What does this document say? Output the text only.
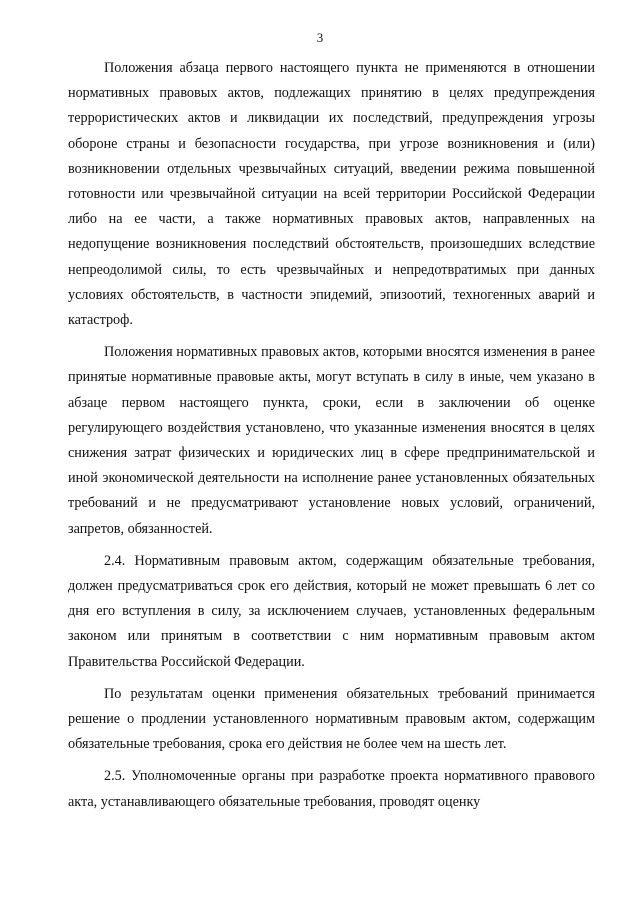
3

Положения абзаца первого настоящего пункта не применяются в отношении нормативных правовых актов, подлежащих принятию в целях предупреждения террористических актов и ликвидации их последствий, предупреждения угрозы обороне страны и безопасности государства, при угрозе возникновения и (или) возникновении отдельных чрезвычайных ситуаций, введении режима повышенной готовности или чрезвычайной ситуации на всей территории Российской Федерации либо на ее части, а также нормативных правовых актов, направленных на недопущение возникновения последствий обстоятельств, произошедших вследствие непреодолимой силы, то есть чрезвычайных и непредотвратимых при данных условиях обстоятельств, в частности эпидемий, эпизоотий, техногенных аварий и катастроф.

Положения нормативных правовых актов, которыми вносятся изменения в ранее принятые нормативные правовые акты, могут вступать в силу в иные, чем указано в абзаце первом настоящего пункта, сроки, если в заключении об оценке регулирующего воздействия установлено, что указанные изменения вносятся в целях снижения затрат физических и юридических лиц в сфере предпринимательской и иной экономической деятельности на исполнение ранее установленных обязательных требований и не предусматривают установление новых условий, ограничений, запретов, обязанностей.

2.4. Нормативным правовым актом, содержащим обязательные требования, должен предусматриваться срок его действия, который не может превышать 6 лет со дня его вступления в силу, за исключением случаев, установленных федеральным законом или принятым в соответствии с ним нормативным правовым актом Правительства Российской Федерации.

По результатам оценки применения обязательных требований принимается решение о продлении установленного нормативным правовым актом, содержащим обязательные требования, срока его действия не более чем на шесть лет.

2.5. Уполномоченные органы при разработке проекта нормативного правового акта, устанавливающего обязательные требования, проводят оценку
